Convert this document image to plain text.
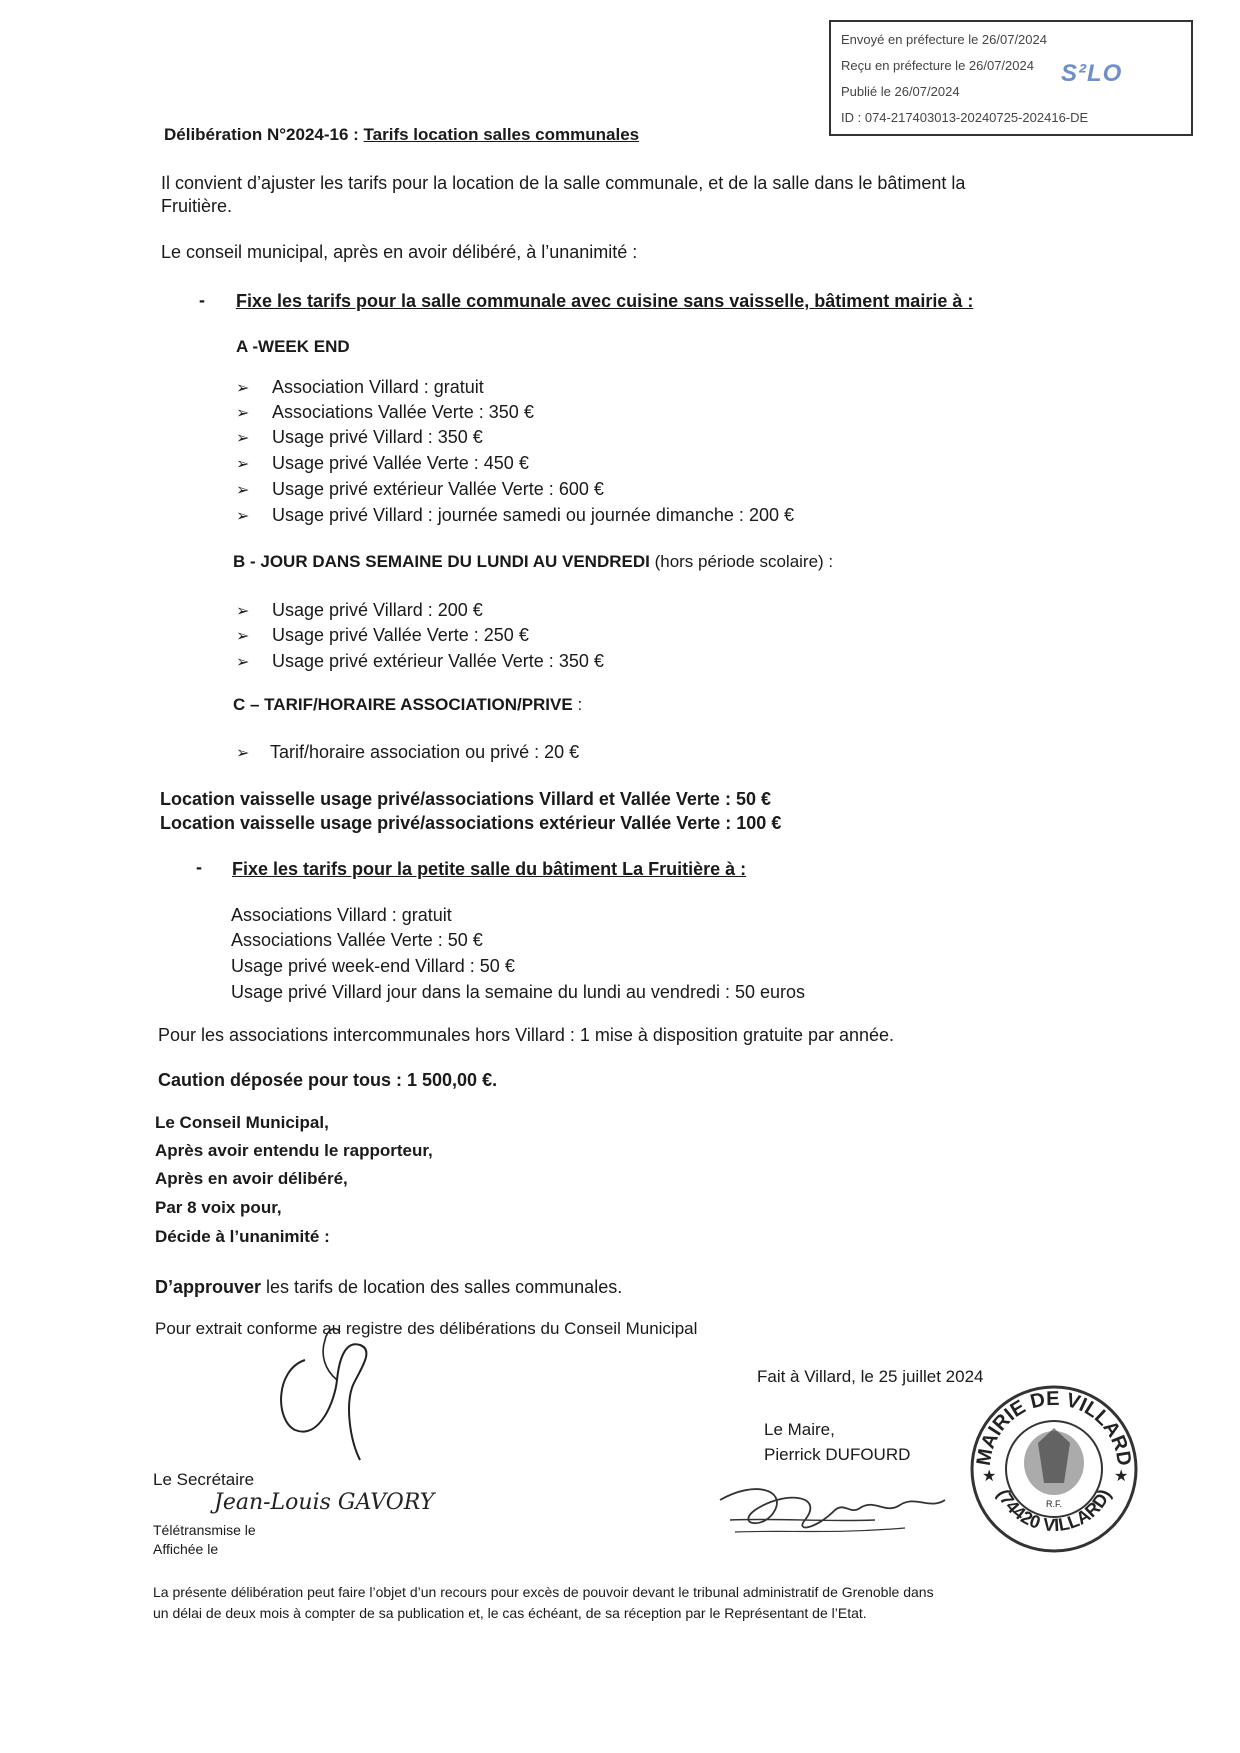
Envoyé en préfecture le 26/07/2024
Reçu en préfecture le 26/07/2024
Publié le 26/07/2024
ID : 074-217403013-20240725-202416-DE
S²LO
Délibération N°2024-16 : Tarifs location salles communales
Il convient d’ajuster les tarifs pour la location de la salle communale, et de la salle dans le bâtiment la
Fruitière.
Le conseil municipal, après en avoir délibéré, à l’unanimité :
- Fixe les tarifs pour la salle communale avec cuisine sans vaisselle, bâtiment mairie à :
A -WEEK END
➢ Association Villard : gratuit
➢ Associations Vallée Verte : 350 €
➢ Usage privé Villard : 350 €
➢ Usage privé Vallée Verte : 450 €
➢ Usage privé extérieur Vallée Verte : 600 €
➢ Usage privé Villard : journée samedi ou journée dimanche : 200 €
B - JOUR DANS SEMAINE DU LUNDI AU VENDREDI (hors période scolaire) :
➢ Usage privé Villard : 200 €
➢ Usage privé Vallée Verte : 250 €
➢ Usage privé extérieur Vallée Verte : 350 €
C – TARIF/HORAIRE ASSOCIATION/PRIVE :
➢ Tarif/horaire association ou privé : 20 €
Location vaisselle usage privé/associations Villard et Vallée Verte : 50 €
Location vaisselle usage privé/associations extérieur Vallée Verte : 100 €
- Fixe les tarifs pour la petite salle du bâtiment La Fruitière à :
Associations Villard : gratuit
Associations Vallée Verte : 50 €
Usage privé week-end Villard : 50 €
Usage privé Villard jour dans la semaine du lundi au vendredi : 50 euros
Pour les associations intercommunales hors Villard : 1 mise à disposition gratuite par année.
Caution déposée pour tous : 1 500,00 €.
Le Conseil Municipal,
Après avoir entendu le rapporteur,
Après en avoir délibéré,
Par 8 voix pour,
Décide à l’unanimité :
D’approuver les tarifs de location des salles communales.
Pour extrait conforme au registre des délibérations du Conseil Municipal
Fait à Villard, le 25 juillet 2024
Le Maire,
Pierrick DUFOURD
Le Secrétaire
Jean-Louis GAVORY
Télétransmise le
Affichée le
MAIRIE DE VILLARD
(74420 VILLARD)
★	★
R.F.
La présente délibération peut faire l’objet d’un recours pour excès de pouvoir devant le tribunal administratif de Grenoble dans
un délai de deux mois à compter de sa publication et, le cas échéant, de sa réception par le Représentant de l’Etat.
